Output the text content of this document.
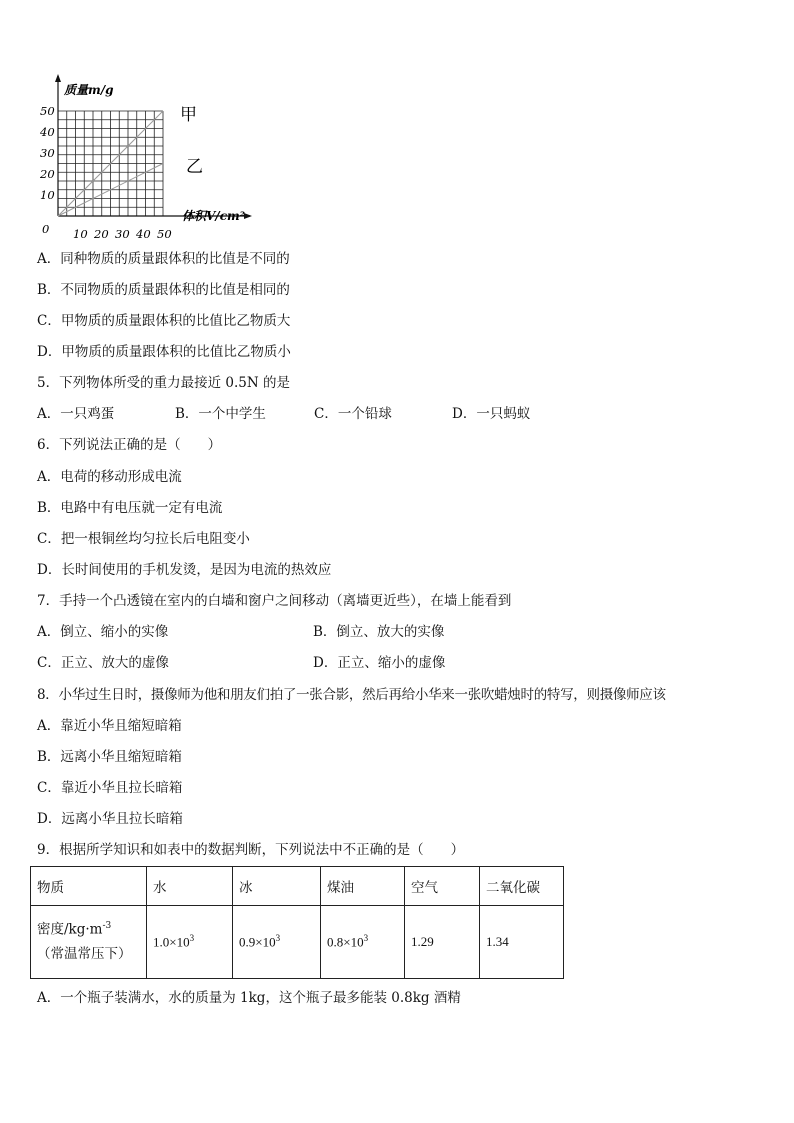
10 20 30 40 50
50
40
30
20
10
质量m/g
体积V/cm²
0
甲
乙
A．同种物质的质量跟体积的比值是不同的
B．不同物质的质量跟体积的比值是相同的
C．甲物质的质量跟体积的比值比乙物质大
D．甲物质的质量跟体积的比值比乙物质小
5．下列物体所受的重力最接近 0.5N 的是
A．一只鸡蛋	B．一个中学生	C．一个铅球	D．一只蚂蚁
6．下列说法正确的是（　　）
A．电荷的移动形成电流
B．电路中有电压就一定有电流
C．把一根铜丝均匀拉长后电阻变小
D．长时间使用的手机发烫，是因为电流的热效应
7．手持一个凸透镜在室内的白墙和窗户之间移动（离墙更近些），在墙上能看到
A．倒立、缩小的实像	B．倒立、放大的实像
C．正立、放大的虚像	D．正立、缩小的虚像
8．小华过生日时，摄像师为他和朋友们拍了一张合影，然后再给小华来一张吹蜡烛时的特写，则摄像师应该
A．靠近小华且缩短暗箱
B．远离小华且缩短暗箱
C．靠近小华且拉长暗箱
D．远离小华且拉长暗箱
9．根据所学知识和如表中的数据判断，下列说法中不正确的是（　　）
物质	水	冰	煤油	空气	二氧化碳

密度$/kg\cdot m^{-3}$
（常温常压下）	$1.0\times 10^3$	$0.9\times 10^3$	$0.8\times 10^3$	1.29	1.34
A．一个瓶子装满水，水的质量为 1kg，这个瓶子最多能装 0.8kg 酒精
